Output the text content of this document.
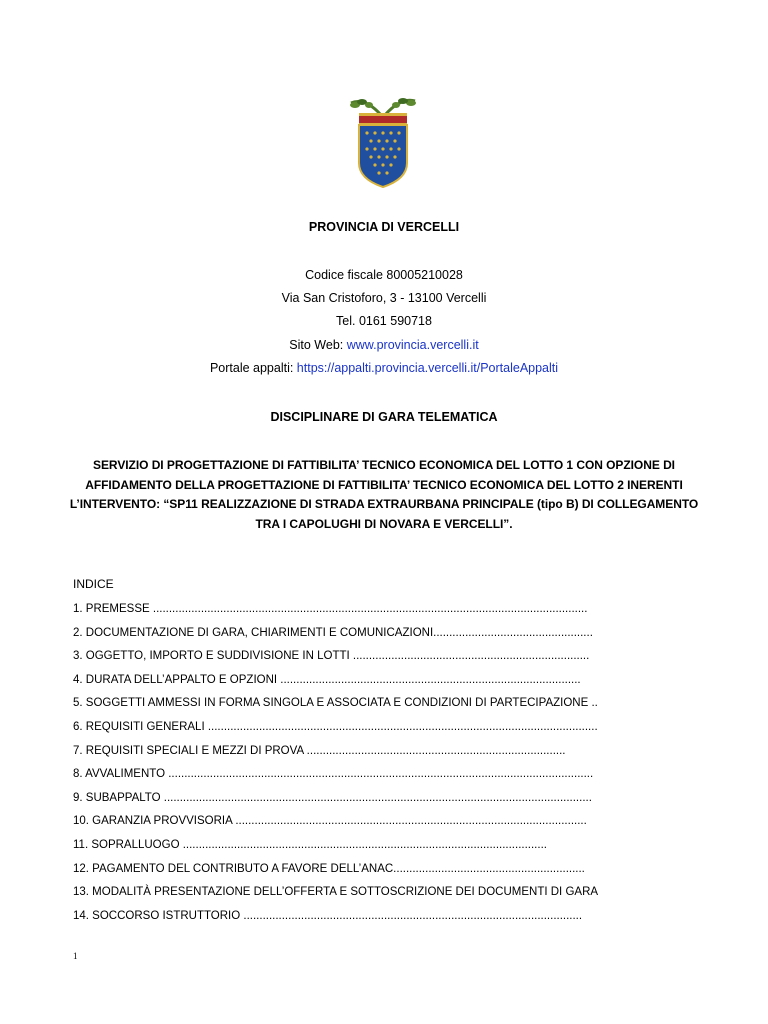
PROVINCIA DI VERCELLI
Codice fiscale 80005210028
Via San Cristoforo, 3 - 13100 Vercelli
Tel. 0161 590718
Sito Web: www.provincia.vercelli.it
Portale appalti: https://appalti.provincia.vercelli.it/PortaleAppalti
DISCIPLINARE DI GARA TELEMATICA
SERVIZIO DI PROGETTAZIONE DI FATTIBILITA’ TECNICO ECONOMICA DEL LOTTO 1 CON OPZIONE DI
AFFIDAMENTO DELLA PROGETTAZIONE DI FATTIBILITA’ TECNICO ECONOMICA DEL LOTTO 2 INERENTI
L’INTERVENTO: “SP11 REALIZZAZIONE DI STRADA EXTRAURBANA PRINCIPALE (tipo B) DI COLLEGAMENTO
TRA I CAPOLUGHI DI NOVARA E VERCELLI”.
INDICE
1. PREMESSE ........................................................................................................................................
2. DOCUMENTAZIONE DI GARA, CHIARIMENTI E COMUNICAZIONI..................................................
3. OGGETTO, IMPORTO E SUDDIVISIONE IN LOTTI ..........................................................................
4. DURATA DELL’APPALTO E OPZIONI ..............................................................................................
5. SOGGETTI AMMESSI IN FORMA SINGOLA E ASSOCIATA E CONDIZIONI DI PARTECIPAZIONE ..
6. REQUISITI GENERALI ..........................................................................................................................
7. REQUISITI SPECIALI E MEZZI DI PROVA .................................................................................
8. AVVALIMENTO .....................................................................................................................................
9. SUBAPPALTO ......................................................................................................................................
10. GARANZIA PROVVISORIA ..............................................................................................................
11. SOPRALLUOGO ..................................................................................................................
12. PAGAMENTO DEL CONTRIBUTO A FAVORE DELL’ANAC............................................................
13. MODALITÀ PRESENTAZIONE DELL’OFFERTA E SOTTOSCRIZIONE DEI DOCUMENTI DI GARA
14. SOCCORSO ISTRUTTORIO ..........................................................................................................
1
